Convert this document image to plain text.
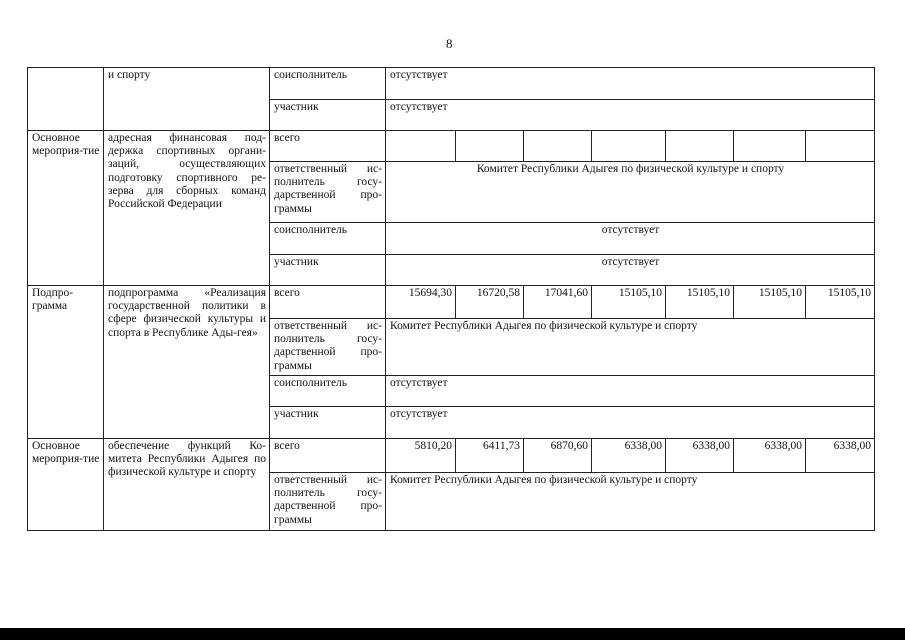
8
	и спорту	соисполнитель	отсутствует						
		участник	отсутствует						
Основное мероприя-тие	адресная финансовая под-держка спортивных органи-заций, осуществляющих подготовку спортивного ре-зерва для сборных команд Российской Федерации	всего							
		ответственный ис-полнитель госу-дарственной про-граммы	Комитет Республики Адыгея по физической культуре и спорту						
		соисполнитель	отсутствует						
		участник	отсутствует						
Подпро-грамма	подпрограмма «Реализация государственной политики в сфере физической культуры и спорта в Республике Ады-гея»	всего	15694,30	16720,58	17041,60	15105,10	15105,10	15105,10	15105,10
		ответственный ис-полнитель госу-дарственной про-граммы	Комитет Республики Адыгея по физической культуре и спорту						
		соисполнитель	отсутствует						
		участник	отсутствует						
Основное мероприя-тие	обеспечение функций Ко-митета Республики Адыгея по физической культуре и спорту	всего	5810,20	6411,73	6870,60	6338,00	6338,00	6338,00	6338,00
		ответственный ис-полнитель госу-дарственной про-граммы	Комитет Республики Адыгея по физической культуре и спорту						
